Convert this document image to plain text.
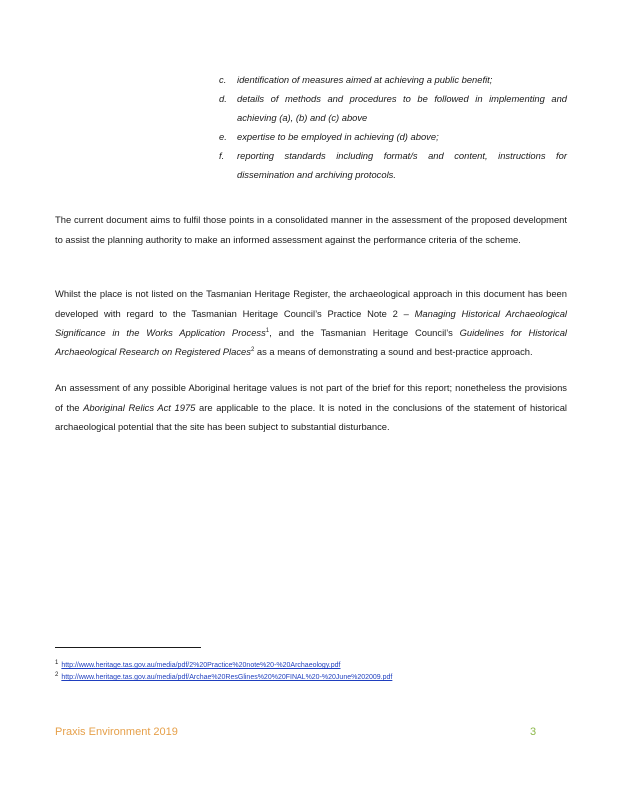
c.	identification of measures aimed at achieving a public benefit;
d.	details of methods and procedures to be followed in implementing and achieving (a), (b) and (c) above
e.	expertise to be employed in achieving (d) above;
f.	reporting standards including format/s and content, instructions for dissemination and archiving protocols.

The current document aims to fulfil those points in a consolidated manner in the assessment of the proposed development to assist the planning authority to make an informed assessment against the performance criteria of the scheme.

Whilst the place is not listed on the Tasmanian Heritage Register, the archaeological approach in this document has been developed with regard to the Tasmanian Heritage Council’s Practice Note 2 – Managing Historical Archaeological Significance in the Works Application Process$^1$, and the Tasmanian Heritage Council’s Guidelines for Historical Archaeological Research on Registered Places$^2$ as a means of demonstrating a sound and best-practice approach.

An assessment of any possible Aboriginal heritage values is not part of the brief for this report; nonetheless the provisions of the Aboriginal Relics Act 1975 are applicable to the place. It is noted in the conclusions of the statement of historical archaeological potential that the site has been subject to substantial disturbance.

$^1$ http://www.heritage.tas.gov.au/media/pdf/2%20Practice%20note%20-%20Archaeology.pdf
$^2$ http://www.heritage.tas.gov.au/media/pdf/Archae%20ResGlines%20%20FINAL%20-%20June%202009.pdf
Praxis Environment 2019	3
